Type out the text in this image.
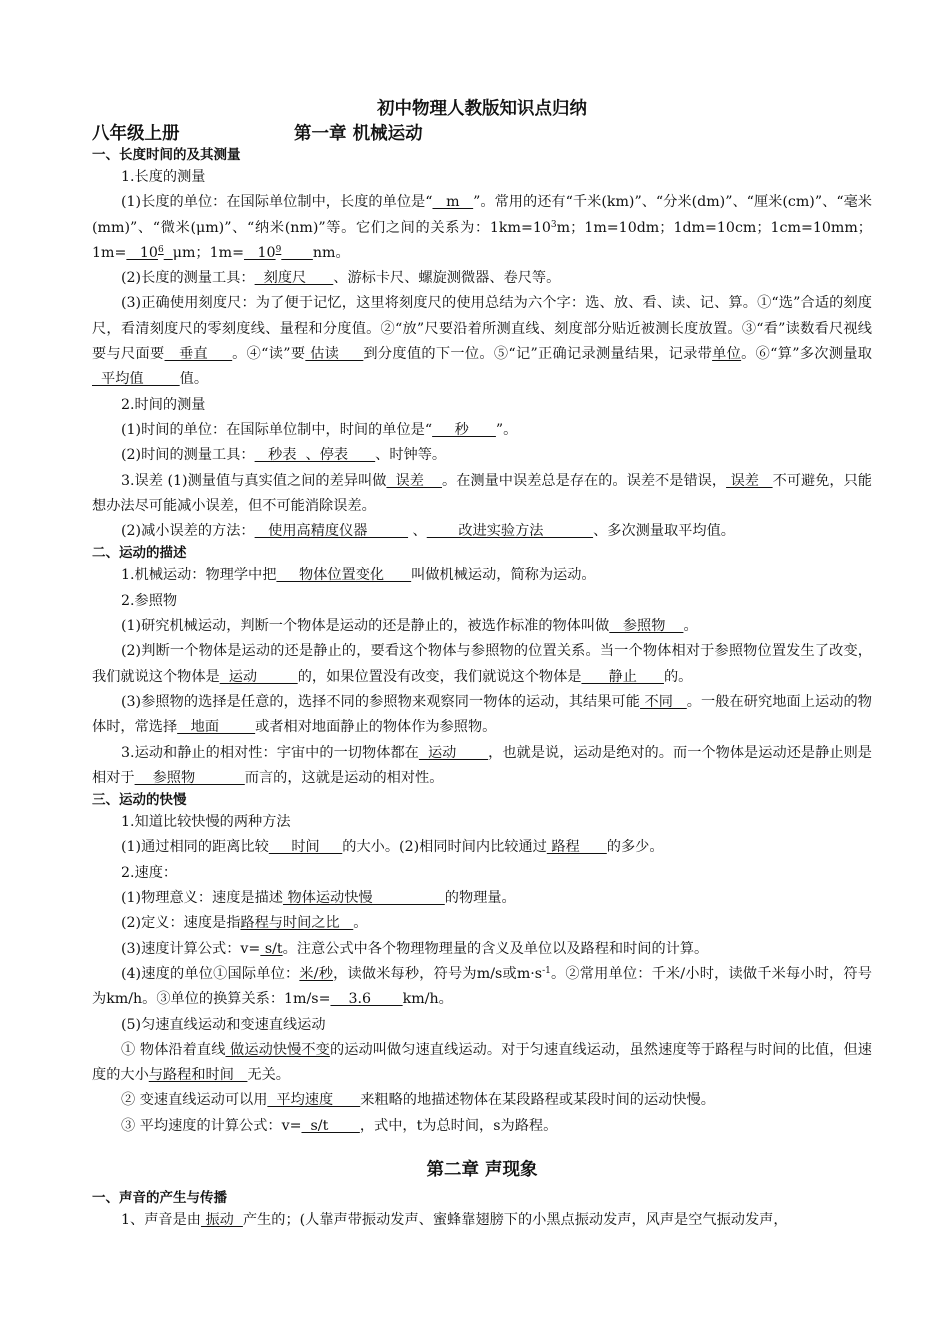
初中物理人教版知识点归纳

八年级上册	第一章 机械运动

一、长度时间的及其测量

1.长度的测量

(1)长度的单位：在国际单位制中，长度的单位是“   m   ”。常用的还有“千米(km)”、“分米(dm)”、“厘米(cm)”、“毫米(mm)”、“微米(μm)”、“纳米(nm)”等。它们之间的关系为：$1km=10^3m$；1m=10dm；1dm=10cm；1cm=10mm；$1m= 10^6$ μm；$1m= 10^9$ nm。

(2)长度的测量工具：  刻度尺      、游标卡尺、螺旋测微器、卷尺等。

(3)正确使用刻度尺：为了便于记忆，这里将刻度尺的使用总结为六个字：选、放、看、读、记、算。①“选”合适的刻度尺，看清刻度尺的零刻度线、量程和分度值。②“放”尺要沿着所测直线、刻度部分贴近被测长度放置。③“看”读数看尺视线要与尺面要   垂直     。④“读”要 估读     到分度值的下一位。⑤“记”正确记录测量结果，记录带单位。⑥“算”多次测量取  平均值        值。

2.时间的测量

(1)时间的单位：在国际单位制中，时间的单位是“     秒      ”。

(2)时间的测量工具：   秒表  、停表      、时钟等。

3.误差 (1)测量值与真实值之间的差异叫做  误差    。在测量中误差总是存在的。误差不是错误， 误差   不可避免，只能想办法尽可能减小误差，但不可能消除误差。

(2)减小误差的方法：   使用高精度仪器          、       改进实验方法           、多次测量取平均值。

二、运动的描述

1.机械运动：物理学中把     物体位置变化      叫做机械运动，简称为运动。

2.参照物

(1)研究机械运动，判断一个物体是运动的还是静止的，被选作标准的物体叫做   参照物    。

(2)判断一个物体是运动的还是静止的，要看这个物体与参照物的位置关系。当一个物体相对于参照物位置发生了改变，我们就说这个物体是  运动         的，如果位置没有改变，我们就说这个物体是      静止      的。

(3)参照物的选择是任意的，选择不同的参照物来观察同一物体的运动，其结果可能 不同   。一般在研究地面上运动的物体时，常选择   地面        或者相对地面静止的物体作为参照物。

3.运动和静止的相对性：宇宙中的一切物体都在  运动       ，也就是说，运动是绝对的。而一个物体是运动还是静止则是相对于    参照物           而言的，这就是运动的相对性。

三、运动的快慢

1.知道比较快慢的两种方法

(1)通过相同的距离比较     时间     的大小。(2)相同时间内比较通过 路程      的多少。

2.速度：

(1)物理意义：速度是描述 物体运动快慢                的物理量。

(2)定义：速度是指路程与时间之比   。

(3)速度计算公式：v= s/t。注意公式中各个物理物理量的含义及单位以及路程和时间的计算。

(4)速度的单位①国际单位：米/秒，读做米每秒，符号为m/s或$m\cdot s^{-1}$。②常用单位：千米/小时，读做千米每小时，符号为km/h。③单位的换算关系：1m/s=    3.6       km/h。

(5)匀速直线运动和变速直线运动

① 物体沿着直线 做运动快慢不变的运动叫做匀速直线运动。对于匀速直线运动，虽然速度等于路程与时间的比值，但速度的大小与路程和时间   无关。

② 变速直线运动可以用  平均速度      来粗略的地描述物体在某段路程或某段时间的运动快慢。

③ 平均速度的计算公式：v=  s/t       ，式中，t为总时间，s为路程。

第二章 声现象

一、声音的产生与传播

1、声音是由 振动  产生的；(人靠声带振动发声、蜜蜂靠翅膀下的小黑点振动发声，风声是空气振动发声，
